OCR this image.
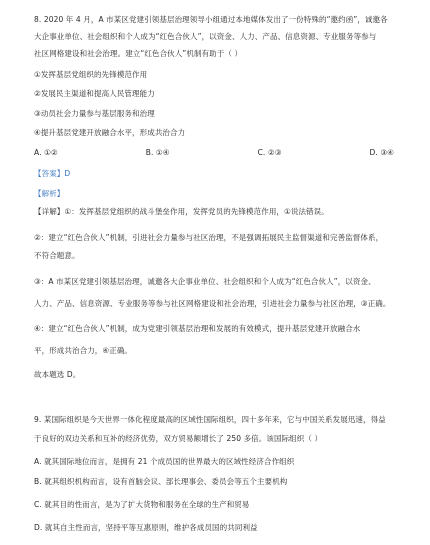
8. 2020 年 4 月，A 市某区党建引领基层治理领导小组通过本地媒体发出了一份特殊的“邀约函”，诚邀各
大企事业单位、社会组织和个人成为“红色合伙人”，以资金、人力、产品、信息资源、专业服务等参与
社区网格建设和社会治理。建立“红色合伙人”机制有助于（ ）
①发挥基层党组织的先锋模范作用
②发展民主渠道和提高人民管理能力
③动员社会力量参与基层服务和治理
④提升基层党建开放融合水平，形成共治合力
A. ①②	B. ①④	C. ②③	D. ③④
【答案】D
【解析】
【详解】①：发挥基层党组织的战斗堡垒作用，发挥党员的先锋模范作用，①说法错误。
②：建立“红色合伙人”机制，引进社会力量参与社区治理，不是强调拓展民主监督渠道和完善监督体系，
不符合题意。
③：A 市某区党建引领基层治理，诚邀各大企事业单位、社会组织和个人成为“红色合伙人”，以资金、
人力、产品、信息资源、专业服务等参与社区网格建设和社会治理，引进社会力量参与社区治理，③正确。
④：建立“红色合伙人”机制，成为党建引领基层治理和发展的有效模式，提升基层党建开放融合水
平，形成共治合力，④正确。
故本题选 D。
9. 某国际组织是今天世界一体化程度最高的区域性国际组织，四十多年来，它与中国关系发展迅速，得益
于良好的双边关系和互补的经济优势，双方贸易额增长了 250 多倍。该国际组织（ ）
A. 就其国际地位而言，是拥有 21 个成员国的世界最大的区域性经济合作组织
B. 就其组织机构而言，设有首脑会议、部长理事会、委员会等五个主要机构
C. 就其目的性而言，是为了扩大货物和服务在全球的生产和贸易
D. 就其自主性而言，坚持平等互惠原则，维护各成员国的共同利益
